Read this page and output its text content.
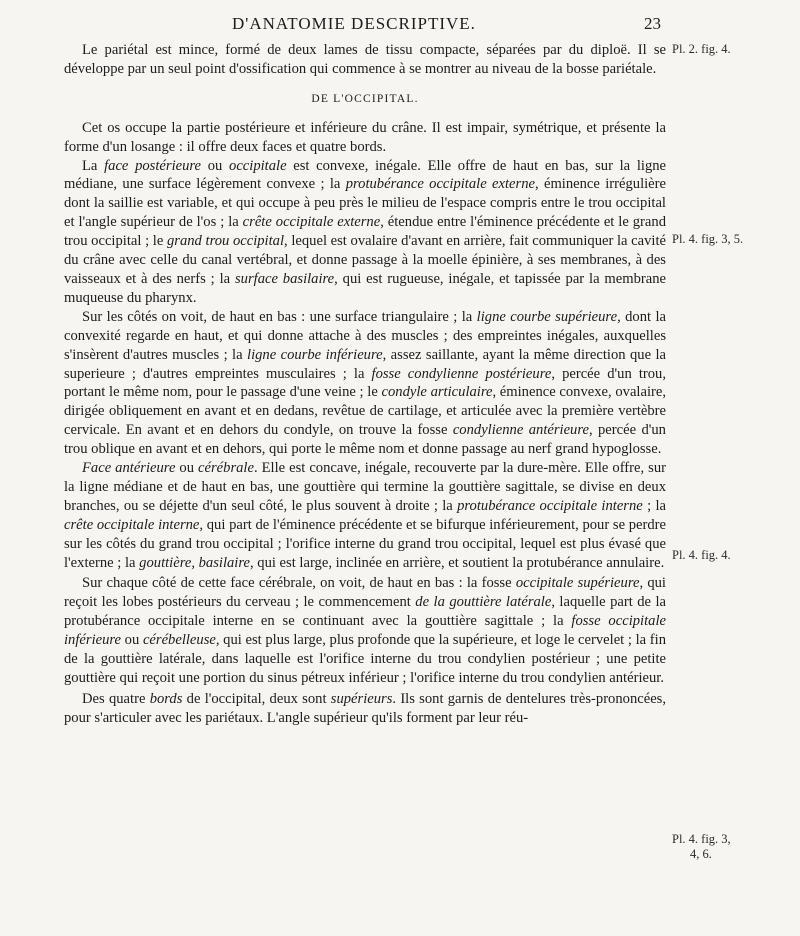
D'ANATOMIE DESCRIPTIVE.	23

Le pariétal est mince, formé de deux lames de tissu compacte, séparées par du diploë. Il se développe par un seul point d'ossification qui commence à se montrer au niveau de la bosse pariétale.

DE L'OCCIPITAL.

Cet os occupe la partie postérieure et inférieure du crâne. Il est impair, symétrique, et présente la forme d'un losange : il offre deux faces et quatre bords.

La face postérieure ou occipitale est convexe, inégale. Elle offre de haut en bas, sur la ligne médiane, une surface légèrement convexe ; la protubérance occipitale externe, éminence irrégulière dont la saillie est variable, et qui occupe à peu près le milieu de l'espace compris entre le trou occipital et l'angle supérieur de l'os ; la crête occipitale externe, étendue entre l'éminence précédente et le grand trou occipital ; le grand trou occipital, lequel est ovalaire d'avant en arrière, fait communiquer la cavité du crâne avec celle du canal vertébral, et donne passage à la moelle épinière, à ses membranes, à des vaisseaux et à des nerfs ; la surface basilaire, qui est rugueuse, inégale, et tapissée par la membrane muqueuse du pharynx.

Sur les côtés on voit, de haut en bas : une surface triangulaire ; la ligne courbe supérieure, dont la convexité regarde en haut, et qui donne attache à des muscles ; des empreintes inégales, auxquelles s'insèrent d'autres muscles ; la ligne courbe inférieure, assez saillante, ayant la même direction que la superieure ; d'autres empreintes musculaires ; la fosse condylienne postérieure, percée d'un trou, portant le même nom, pour le passage d'une veine ; le condyle articulaire, éminence convexe, ovalaire, dirigée obliquement en avant et en dedans, revêtue de cartilage, et articulée avec la première vertèbre cervicale. En avant et en dehors du condyle, on trouve la fosse condylienne antérieure, percée d'un trou oblique en avant et en dehors, qui porte le même nom et donne passage au nerf grand hypoglosse.

Face antérieure ou cérébrale. Elle est concave, inégale, recouverte par la dure-mère. Elle offre, sur la ligne médiane et de haut en bas, une gouttière qui termine la gouttière sagittale, se divise en deux branches, ou se déjette d'un seul côté, le plus souvent à droite ; la protubérance occipitale interne ; la crête occipitale interne, qui part de l'éminence précédente et se bifurque inférieurement, pour se perdre sur les côtés du grand trou occipital ; l'orifice interne du grand trou occipital, lequel est plus évasé que l'externe ; la gouttière, basilaire, qui est large, inclinée en arrière, et soutient la protubérance annulaire.

Sur chaque côté de cette face cérébrale, on voit, de haut en bas : la fosse occipitale supérieure, qui reçoit les lobes postérieurs du cerveau ; le commencement de la gouttière latérale, laquelle part de la protubérance occipitale interne en se continuant avec la gouttière sagittale ; la fosse occipitale inférieure ou cérébelleuse, qui est plus large, plus profonde que la supérieure, et loge le cervelet ; la fin de la gouttière latérale, dans laquelle est l'orifice interne du trou condylien postérieur ; une petite gouttière qui reçoit une portion du sinus pétreux inférieur ; l'orifice interne du trou condylien antérieur.

Des quatre bords de l'occipital, deux sont supérieurs. Ils sont garnis de dentelures très-prononcées, pour s'articuler avec les pariétaux. L'angle supérieur qu'ils forment par leur réu-

Pl. 2. fig. 4.
Pl. 4. fig. 3, 5.
Pl. 4. fig. 4.
Pl. 4. fig. 3,
4, 6.
